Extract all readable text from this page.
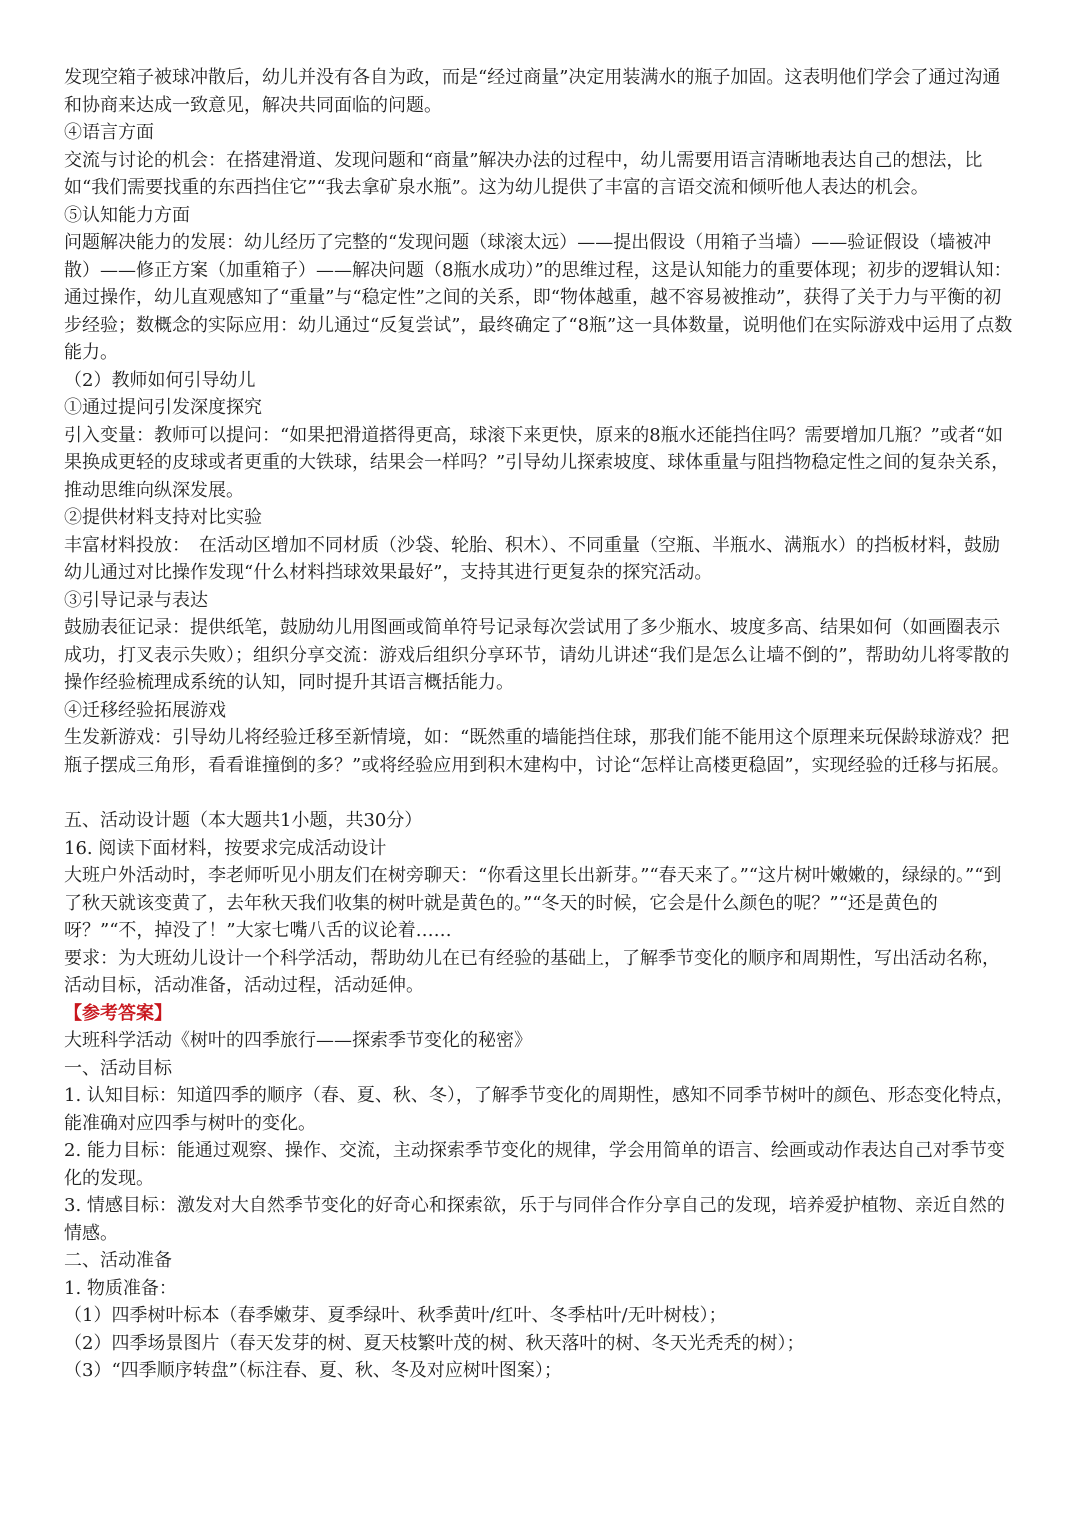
发现空箱子被球冲散后，幼儿并没有各自为政，而是“经过商量”决定用装满水的瓶子加固。这表明他们学会了通过沟通和协商来达成一致意见，解决共同面临的问题。

④语言方面

交流与讨论的机会：在搭建滑道、发现问题和“商量”解决办法的过程中，幼儿需要用语言清晰地表达自己的想法，比如“我们需要找重的东西挡住它”“我去拿矿泉水瓶”。这为幼儿提供了丰富的言语交流和倾听他人表达的机会。

⑤认知能力方面

问题解决能力的发展：幼儿经历了完整的“发现问题（球滚太远）——提出假设（用箱子当墙）——验证假设（墙被冲散）——修正方案（加重箱子）——解决问题（8瓶水成功）”的思维过程，这是认知能力的重要体现；初步的逻辑认知：　通过操作，幼儿直观感知了“重量”与“稳定性”之间的关系，即“物体越重，越不容易被推动”，获得了关于力与平衡的初步经验；数概念的实际应用：幼儿通过“反复尝试”，最终确定了“8瓶”这一具体数量，说明他们在实际游戏中运用了点数能力。

（2）教师如何引导幼儿

①通过提问引发深度探究

引入变量：教师可以提问：“如果把滑道搭得更高，球滚下来更快，原来的8瓶水还能挡住吗？需要增加几瓶？”或者“如果换成更轻的皮球或者更重的大铁球，结果会一样吗？”引导幼儿探索坡度、球体重量与阻挡物稳定性之间的复杂关系，推动思维向纵深发展。

②提供材料支持对比实验

丰富材料投放：　在活动区增加不同材质（沙袋、轮胎、积木）、不同重量（空瓶、半瓶水、满瓶水）的挡板材料，鼓励幼儿通过对比操作发现“什么材料挡球效果最好”，支持其进行更复杂的探究活动。

③引导记录与表达

鼓励表征记录：提供纸笔，鼓励幼儿用图画或简单符号记录每次尝试用了多少瓶水、坡度多高、结果如何（如画圈表示成功，打叉表示失败）；组织分享交流：游戏后组织分享环节，请幼儿讲述“我们是怎么让墙不倒的”，帮助幼儿将零散的操作经验梳理成系统的认知，同时提升其语言概括能力。

④迁移经验拓展游戏

生发新游戏：引导幼儿将经验迁移至新情境，如：“既然重的墙能挡住球，那我们能不能用这个原理来玩保龄球游戏？把瓶子摆成三角形，看看谁撞倒的多？”或将经验应用到积木建构中，讨论“怎样让高楼更稳固”，实现经验的迁移与拓展。

五、活动设计题（本大题共1小题，共30分）

16. 阅读下面材料，按要求完成活动设计

大班户外活动时，李老师听见小朋友们在树旁聊天：“你看这里长出新芽。”“春天来了。”“这片树叶嫩嫩的，绿绿的。”“到了秋天就该变黄了，去年秋天我们收集的树叶就是黄色的。”“冬天的时候，它会是什么颜色的呢？”“还是黄色的呀？”“不，掉没了！”大家七嘴八舌的议论着……

要求：为大班幼儿设计一个科学活动，帮助幼儿在已有经验的基础上，了解季节变化的顺序和周期性，写出活动名称，活动目标，活动准备，活动过程，活动延伸。

【参考答案】

大班科学活动《树叶的四季旅行——探索季节变化的秘密》

一、活动目标

1. 认知目标：知道四季的顺序（春、夏、秋、冬），了解季节变化的周期性，感知不同季节树叶的颜色、形态变化特点，能准确对应四季与树叶的变化。

2. 能力目标：能通过观察、操作、交流，主动探索季节变化的规律，学会用简单的语言、绘画或动作表达自己对季节变化的发现。

3. 情感目标：激发对大自然季节变化的好奇心和探索欲，乐于与同伴合作分享自己的发现，培养爱护植物、亲近自然的情感。

二、活动准备

1. 物质准备：

（1）四季树叶标本（春季嫩芽、夏季绿叶、秋季黄叶/红叶、冬季枯叶/无叶树枝）；

（2）四季场景图片（春天发芽的树、夏天枝繁叶茂的树、秋天落叶的树、冬天光秃秃的树）；

（3）“四季顺序转盘”（标注春、夏、秋、冬及对应树叶图案）；
